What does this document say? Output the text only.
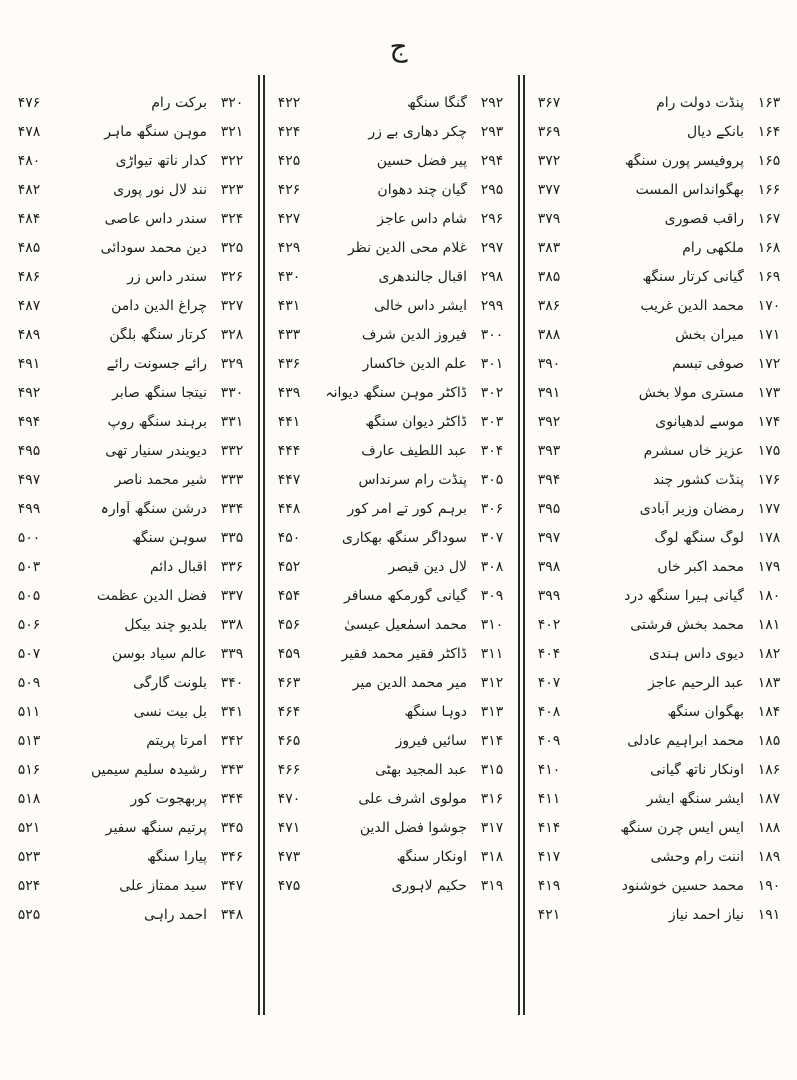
ج
۱۶۳
پنڈت دولت رام
۳۶۷
۱۶۴
بانکے دیال
۳۶۹
۱۶۵
پروفیسر پورن سنگھ
۳۷۲
۱۶۶
بھگوانداس المست
۳۷۷
۱۶۷
راقب قصوری
۳۷۹
۱۶۸
ملکھی رام
۳۸۳
۱۶۹
گیانی کرتار سنگھ
۳۸۵
۱۷۰
محمد الدین غریب
۳۸۶
۱۷۱
میران بخش
۳۸۸
۱۷۲
صوفی تبسم
۳۹۰
۱۷۳
مستری مولا بخش
۳۹۱
۱۷۴
موسے لدھیانوی
۳۹۲
۱۷۵
عزیز خاں سشرم
۳۹۳
۱۷۶
پنڈت کشور چند
۳۹۴
۱۷۷
رمضان وزیر آبادی
۳۹۵
۱۷۸
لوگ سنگھ لوگ
۳۹۷
۱۷۹
محمد اکبر خاں
۳۹۸
۱۸۰
گیانی ہیرا سنگھ درد
۳۹۹
۱۸۱
محمد بخش فرشتی
۴۰۲
۱۸۲
دیوی داس ہندی
۴۰۴
۱۸۳
عبد الرحیم عاجز
۴۰۷
۱۸۴
بھگوان سنگھ
۴۰۸
۱۸۵
محمد ابراہیم عادلی
۴۰۹
۱۸۶
اونکار ناتھ گیانی
۴۱۰
۱۸۷
ایشر سنگھ ایشر
۴۱۱
۱۸۸
ایس ایس چرن سنگھ
۴۱۴
۱۸۹
اننت رام وحشی
۴۱۷
۱۹۰
محمد حسین خوشنود
۴۱۹
۱۹۱
نیاز احمد نیاز
۴۲۱
۲۹۲
گنگا سنگھ
۴۲۲
۲۹۳
چکر دھاری بے زر
۴۲۴
۲۹۴
پیر فضل حسین
۴۲۵
۲۹۵
گیان چند دھوان
۴۲۶
۲۹۶
شام داس عاجز
۴۲۷
۲۹۷
غلام محی الدین نظر
۴۲۹
۲۹۸
اقبال جالندھری
۴۳۰
۲۹۹
ایشر داس خالی
۴۳۱
۳۰۰
فیروز الدین شرف
۴۳۳
۳۰۱
علم الدین خاکسار
۴۳۶
۳۰۲
ڈاکٹر موہن سنگھ دیوانہ
۴۳۹
۳۰۳
ڈاکٹر دیوان سنگھ
۴۴۱
۳۰۴
عبد اللطیف عارف
۴۴۴
۳۰۵
پنڈت رام سرنداس
۴۴۷
۳۰۶
برہم کور تے امر کور
۴۴۸
۳۰۷
سوداگر سنگھ بھکاری
۴۵۰
۳۰۸
لال دین قیصر
۴۵۲
۳۰۹
گیانی گورمکھ مسافر
۴۵۴
۳۱۰
محمد اسمٰعیل عیسیٰ
۴۵۶
۳۱۱
ڈاکٹر فقیر محمد فقیر
۴۵۹
۳۱۲
میر محمد الدین میر
۴۶۳
۳۱۳
دوہا سنگھ
۴۶۴
۳۱۴
سائیں فیروز
۴۶۵
۳۱۵
عبد المجید بھٹی
۴۶۶
۳۱۶
مولوی اشرف علی
۴۷۰
۳۱۷
جوشوا فضل الدین
۴۷۱
۳۱۸
اونکار سنگھ
۴۷۳
۳۱۹
حکیم لاہوری
۴۷۵
۳۲۰
برکت رام
۴۷۶
۳۲۱
موہن سنگھ ماہر
۴۷۸
۳۲۲
کدار ناتھ تیواڑی
۴۸۰
۳۲۳
نند لال نور پوری
۴۸۲
۳۲۴
سندر داس عاصی
۴۸۴
۳۲۵
دین محمد سودائی
۴۸۵
۳۲۶
سندر داس زر
۴۸۶
۳۲۷
چراغ الدین دامن
۴۸۷
۳۲۸
کرتار سنگھ بلگن
۴۸۹
۳۲۹
رائے جسونت رائے
۴۹۱
۳۳۰
نیتجا سنگھ صابر
۴۹۲
۳۳۱
برہند سنگھ روپ
۴۹۴
۳۳۲
دیویندر سنیار تھی
۴۹۵
۳۳۳
شیر محمد ناصر
۴۹۷
۳۳۴
درشن سنگھ آوارہ
۴۹۹
۳۳۵
سوہن سنگھ
۵۰۰
۳۳۶
اقبال دائم
۵۰۳
۳۳۷
فضل الدین عظمت
۵۰۵
۳۳۸
بلدیو چند بیکل
۵۰۶
۳۳۹
عالم سیاد بوسن
۵۰۷
۳۴۰
بلونت گارگی
۵۰۹
۳۴۱
بل بیت نسی
۵۱۱
۳۴۲
امرتا پریتم
۵۱۳
۳۴۳
رشیدہ سلیم سیمیں
۵۱۶
۳۴۴
پربھجوت کور
۵۱۸
۳۴۵
پرتیم سنگھ سفیر
۵۲۱
۳۴۶
پیارا سنگھ
۵۲۳
۳۴۷
سید ممتاز علی
۵۲۴
۳۴۸
احمد راہی
۵۲۵
